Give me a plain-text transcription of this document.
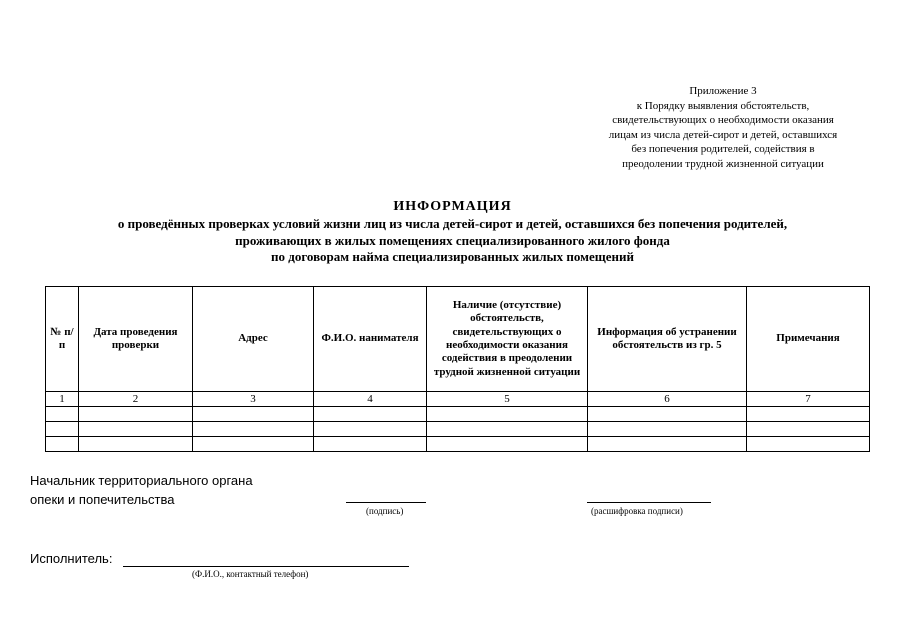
Приложение 3
к Порядку выявления обстоятельств,
свидетельствующих о необходимости оказания
лицам из числа детей-сирот и детей, оставшихся
без попечения родителей, содействия в
преодолении трудной жизненной ситуации
ИНФОРМАЦИЯ
о проведённых проверках условий жизни лиц из числа детей-сирот и детей, оставшихся без попечения родителей,
проживающих в жилых помещениях специализированного жилого фонда
по договорам найма специализированных жилых помещений
№ п/п	Дата проведения проверки	Адрес	Ф.И.О. нанимателя	Наличие (отсутствие) обстоятельств, свидетельствующих о необходимости оказания содействия в преодолении трудной жизненной ситуации	Информация об устранении обстоятельств из гр. 5	Примечания
1	2	3	4	5	6	7

Начальник территориального органа
опеки и попечительства
(подпись)	(расшифровка подписи)
Исполнитель:
(Ф.И.О., контактный телефон)
